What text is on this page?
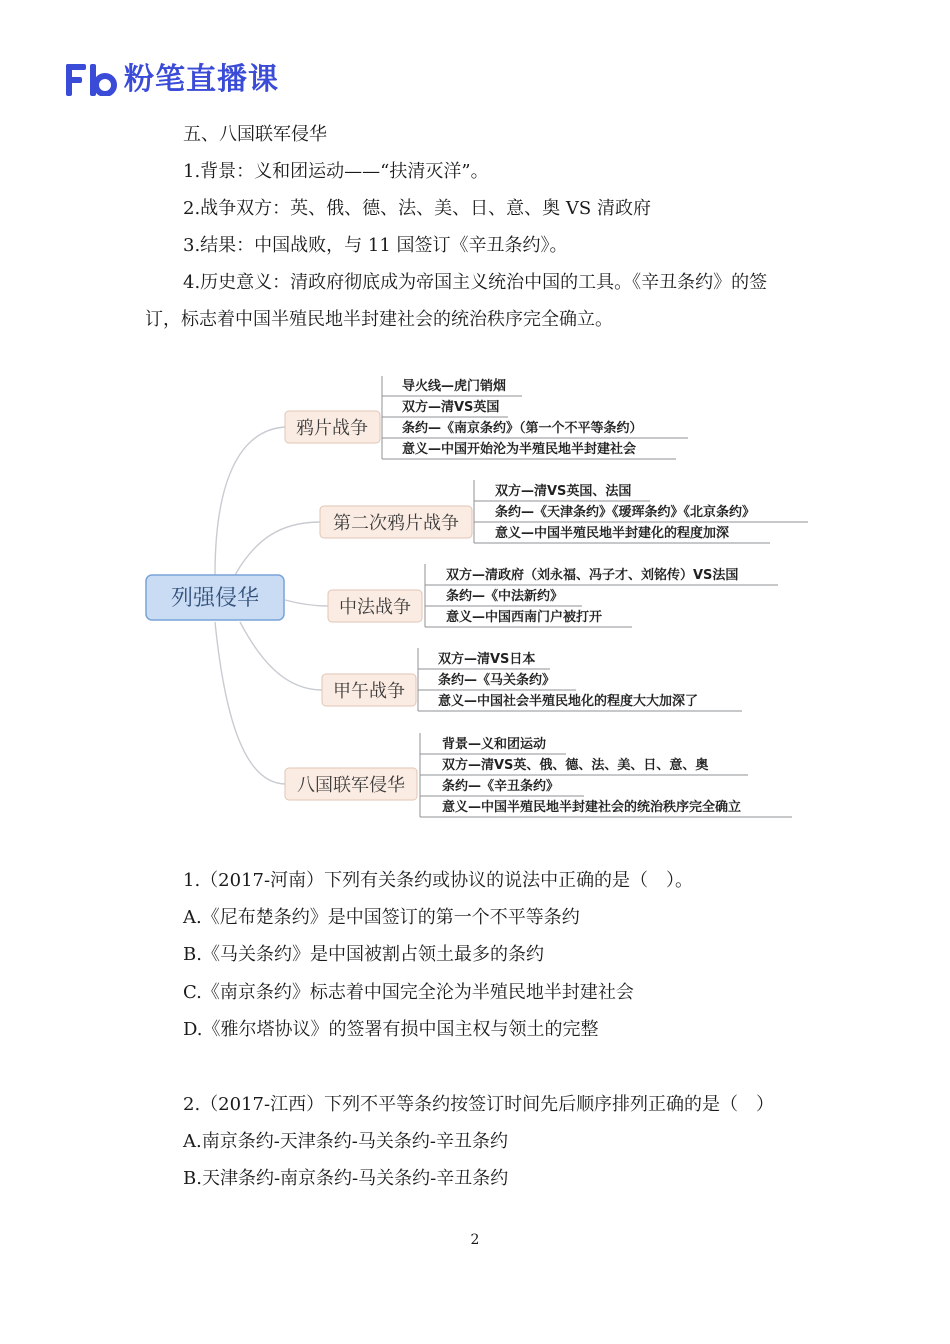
粉笔直播课
五、八国联军侵华
1.背景：义和团运动——“扶清灭洋”。
2.战争双方：英、俄、德、法、美、日、意、奥 VS 清政府
3.结果：中国战败，与 11 国签订《辛丑条约》。
4.历史意义：清政府彻底成为帝国主义统治中国的工具。《辛丑条约》的签
订，标志着中国半殖民地半封建社会的统治秩序完全确立。
列强侵华
鸦片战争
导火线—虎门销烟
双方—清VS英国
条约—《南京条约》（第一个不平等条约）
意义—中国开始沦为半殖民地半封建社会
第二次鸦片战争
双方—清VS英国、法国
条约—《天津条约》《瑷珲条约》《北京条约》
意义—中国半殖民地半封建化的程度加深
中法战争
双方—清政府（刘永福、冯子才、刘铭传）VS法国
条约—《中法新约》
意义—中国西南门户被打开
甲午战争
双方—清VS日本
条约—《马关条约》
意义—中国社会半殖民地化的程度大大加深了
八国联军侵华
背景—义和团运动
双方—清VS英、俄、德、法、美、日、意、奥
条约—《辛丑条约》
意义—中国半殖民地半封建社会的统治秩序完全确立
1.（2017-河南）下列有关条约或协议的说法中正确的是（　）。
A.《尼布楚条约》是中国签订的第一个不平等条约
B.《马关条约》是中国被割占领土最多的条约
C.《南京条约》标志着中国完全沦为半殖民地半封建社会
D.《雅尔塔协议》的签署有损中国主权与领土的完整
2.（2017-江西）下列不平等条约按签订时间先后顺序排列正确的是（　）
A.南京条约-天津条约-马关条约-辛丑条约
B.天津条约-南京条约-马关条约-辛丑条约
2
